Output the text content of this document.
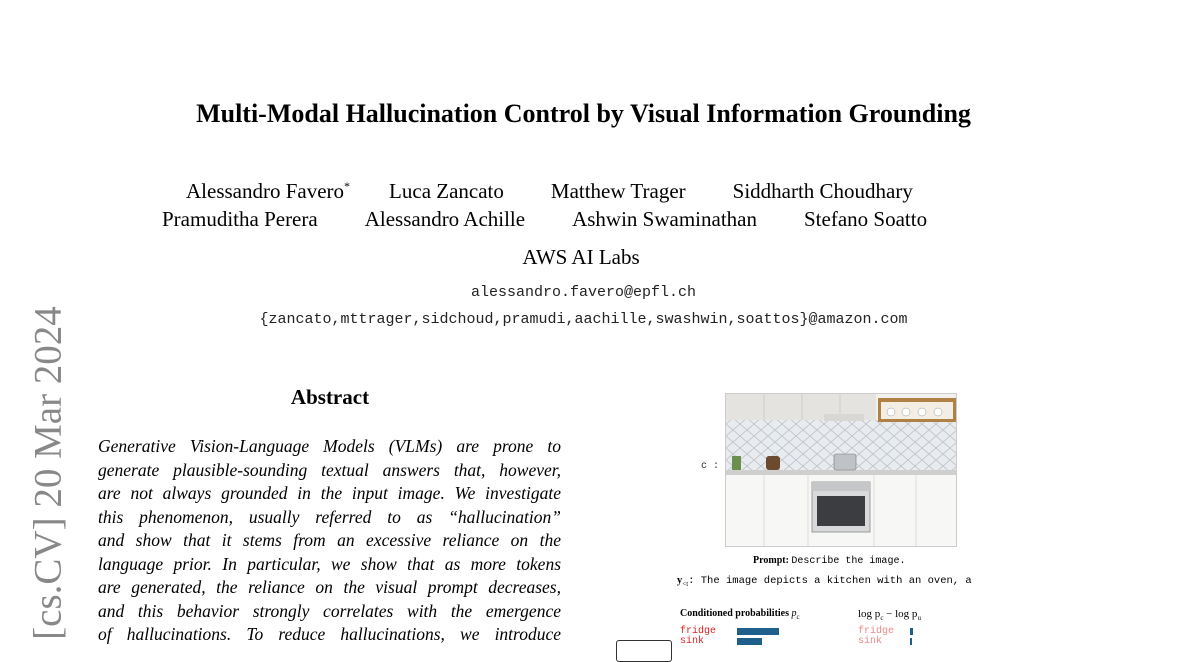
[cs.CV] 20 Mar 2024
Multi-Modal Hallucination Control by Visual Information Grounding
Alessandro Favero* Luca Zancato Matthew Trager Siddharth Choudhary
Pramuditha Perera Alessandro Achille Ashwin Swaminathan Stefano Soatto
AWS AI Labs
alessandro.favero@epfl.ch
{zancato,mttrager,sidchoud,pramudi,aachille,swashwin,soattos}@amazon.com
Abstract
Generative Vision-Language Models (VLMs) are prone to
generate plausible-sounding textual answers that, however,
are not always grounded in the input image. We investigate
this phenomenon, usually referred to as “hallucination”
and show that it stems from an excessive reliance on the
language prior. In particular, we show that as more tokens
are generated, the reliance on the visual prompt decreases,
and this behavior strongly correlates with the emergence
of hallucinations. To reduce hallucinations, we introduce
c :
Prompt: Describe the image.
$y_{<t}$: The image depicts a kitchen with an oven, a
Conditioned probabilities $p_c$	$\log p_c - \log p_u$
fridge	fridge
sink	sink
